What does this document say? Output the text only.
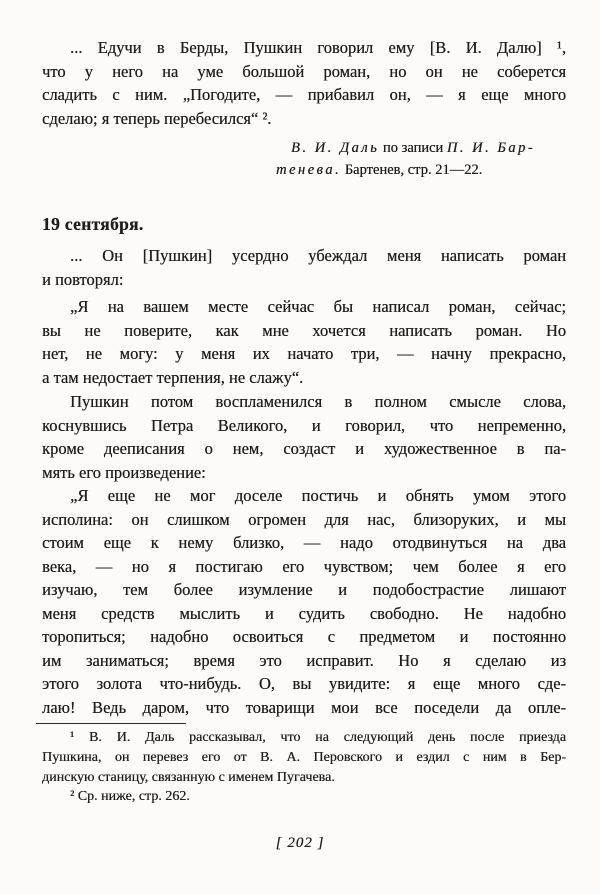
... Едучи в Берды, Пушкин говорил ему [В. И. Далю] ¹,
что у него на уме большой роман, но он не соберется
сладить с ним. „Погодите, — прибавил он, — я еще много
сделаю; я теперь перебесился“ ².
В. И. Даль по записи П. И. Бар-
тенева. Бартенев, стр. 21—22.
19 сентября.
... Он [Пушкин] усердно убеждал меня написать роман
и повторял:
„Я на вашем месте сейчас бы написал роман, сейчас;
вы не поверите, как мне хочется написать роман. Но
нет, не могу: у меня их начато три, — начну прекрасно,
а там недостает терпения, не слажу“.
Пушкин потом воспламенился в полном смысле слова,
коснувшись Петра Великого, и говорил, что непременно,
кроме дееписания о нем, создаст и художественное в па-
мять его произведение:
„Я еще не мог доселе постичь и обнять умом этого
исполина: он слишком огромен для нас, близоруких, и мы
стоим еще к нему близко, — надо отодвинуться на два
века, — но я постигаю его чувством; чем более я его
изучаю, тем более изумление и подобострастие лишают
меня средств мыслить и судить свободно. Не надобно
торопиться; надобно освоиться с предметом и постоянно
им заниматься; время это исправит. Но я сделаю из
этого золота что-нибудь. О, вы увидите: я еще много сде-
лаю! Ведь даром, что товарищи мои все поседели да опле-
¹ В. И. Даль рассказывал, что на следующий день после приезда
Пушкина, он перевез его от В. А. Перовского и ездил с ним в Бер-
динскую станицу, связанную с именем Пугачева.
² Ср. ниже, стр. 262.
[ 202 ]
